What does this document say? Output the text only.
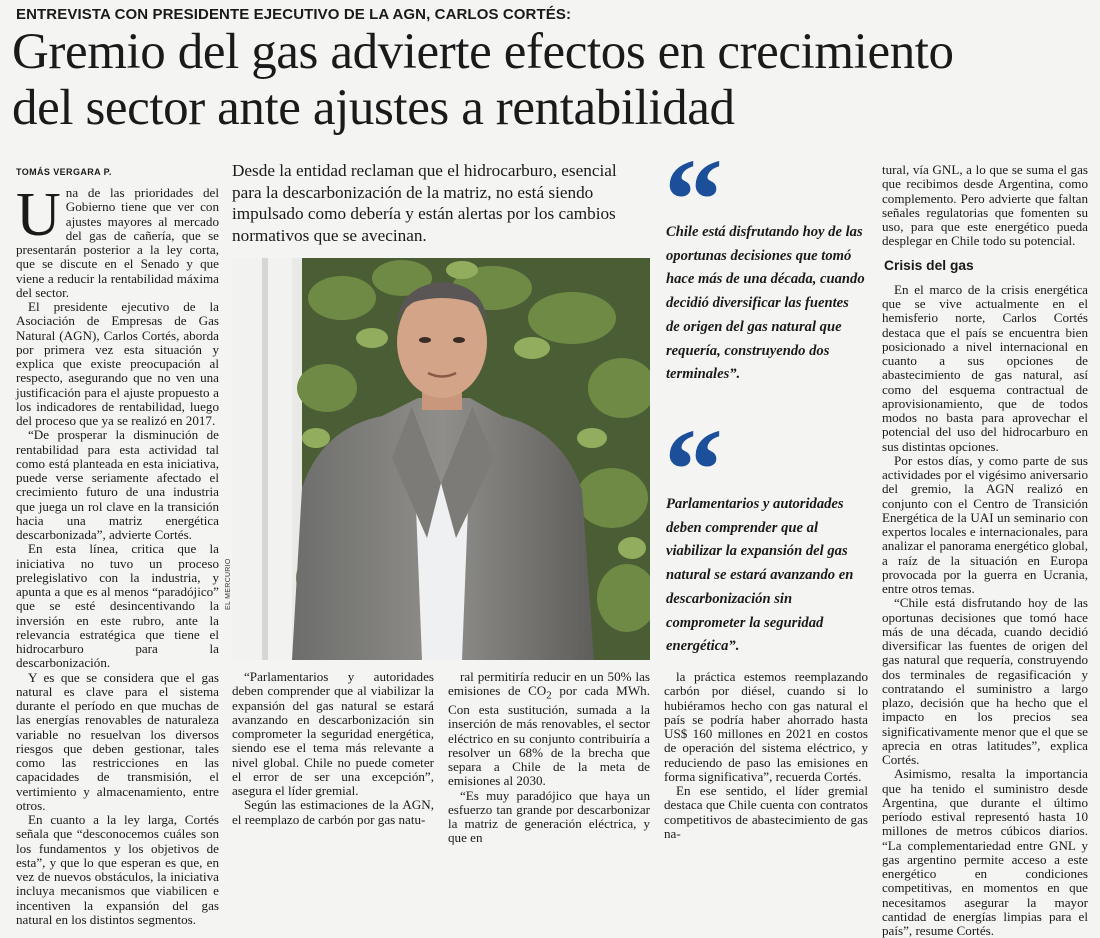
ENTREVISTA CON PRESIDENTE EJECUTIVO DE LA AGN, CARLOS CORTÉS:
Gremio del gas advierte efectos en crecimiento
del sector ante ajustes a rentabilidad
TOMÁS VERGARA P.

Una de las prioridades del Gobierno tiene que ver con ajustes mayores al mercado del gas de cañería, que se presentarán posterior a la ley corta, que se discute en el Senado y que viene a reducir la rentabilidad máxima del sector.

El presidente ejecutivo de la Asociación de Empresas de Gas Natural (AGN), Carlos Cortés, aborda por primera vez esta situación y explica que existe preocupación al respecto, asegurando que no ven una justificación para el ajuste propuesto a los indicadores de rentabilidad, luego del proceso que ya se realizó en 2017.

“De prosperar la disminución de rentabilidad para esta actividad tal como está planteada en esta iniciativa, puede verse seriamente afectado el crecimiento futuro de una industria que juega un rol clave en la transición hacia una matriz energética descarbonizada”, advierte Cortés.

En esta línea, critica que la iniciativa no tuvo un proceso prelegislativo con la industria, y apunta a que es al menos “paradójico” que se esté desincentivando la inversión en este rubro, ante la relevancia estratégica que tiene el hidrocarburo para la descarbonización.

Y es que se considera que el gas natural es clave para el sistema durante el período en que muchas de las energías renovables de naturaleza variable no resuelvan los diversos riesgos que deben gestionar, tales como las restricciones en las capacidades de transmisión, el vertimiento y almacenamiento, entre otros.

En cuanto a la ley larga, Cortés señala que “desconocemos cuáles son los fundamentos y los objetivos de esta”, y que lo que esperan es que, en vez de nuevos obstáculos, la iniciativa incluya mecanismos que viabilicen e incentiven la expansión del gas natural en los distintos segmentos.

Desde la entidad reclaman que el hidrocarburo, esencial para la descarbonización de la matriz, no está siendo impulsado como debería y están alertas por los cambios normativos que se avecinan.
EL MERCURIO

“Parlamentarios y autoridades deben comprender que al viabilizar la expansión del gas natural se estará avanzando en descarbonización sin comprometer la seguridad energética, siendo ese el tema más relevante a nivel global. Chile no puede cometer el error de ser una excepción”, asegura el líder gremial.

Según las estimaciones de la AGN, el reemplazo de carbón por gas natu-

ral permitiría reducir en un 50% las emisiones de $CO_2$ por cada MWh. Con esta sustitución, sumada a la inserción de más renovables, el sector eléctrico en su conjunto contribuiría a resolver un 68% de la brecha que separa a Chile de la meta de emisiones al 2030.

“Es muy paradójico que haya un esfuerzo tan grande por descarbonizar la matriz de generación eléctrica, y que en

la práctica estemos reemplazando carbón por diésel, cuando si lo hubiéramos hecho con gas natural el país se podría haber ahorrado hasta US$ 160 millones en 2021 en costos de operación del sistema eléctrico, y reduciendo de paso las emisiones en forma significativa”, recuerda Cortés.

En ese sentido, el líder gremial destaca que Chile cuenta con contratos competitivos de abastecimiento de gas na-

tural, vía GNL, a lo que se suma el gas que recibimos desde Argentina, como complemento. Pero advierte que faltan señales regulatorias que fomenten su uso, para que este energético pueda desplegar en Chile todo su potencial.

Crisis del gas

En el marco de la crisis energética que se vive actualmente en el hemisferio norte, Carlos Cortés destaca que el país se encuentra bien posicionado a nivel internacional en cuanto a sus opciones de abastecimiento de gas natural, así como del esquema contractual de aprovisionamiento, que de todos modos no basta para aprovechar el potencial del uso del hidrocarburo en sus distintas opciones.

Por estos días, y como parte de sus actividades por el vigésimo aniversario del gremio, la AGN realizó en conjunto con el Centro de Transición Energética de la UAI un seminario con expertos locales e internacionales, para analizar el panorama energético global, a raíz de la situación en Europa provocada por la guerra en Ucrania, entre otros temas.

“Chile está disfrutando hoy de las oportunas decisiones que tomó hace más de una década, cuando decidió diversificar las fuentes de origen del gas natural que requería, construyendo dos terminales de regasificación y contratando el suministro a largo plazo, decisión que ha hecho que el impacto en los precios sea significativamente menor que el que se aprecia en otras latitudes”, explica Cortés.

Asimismo, resalta la importancia que ha tenido el suministro desde Argentina, que durante el último período estival representó hasta 10 millones de metros cúbicos diarios. “La complementariedad entre GNL y gas argentino permite acceso a este energético en condiciones competitivas, en momentos en que necesitamos asegurar la mayor cantidad de energías limpias para el país”, resume Cortés.

Chile está disfrutando hoy de las oportunas decisiones que tomó hace más de una década, cuando decidió diversificar las fuentes de origen del gas natural que requería, construyendo dos terminales”.
Parlamentarios y autoridades deben comprender que al viabilizar la expansión del gas natural se estará avanzando en descarbonización sin comprometer la seguridad energética”.
